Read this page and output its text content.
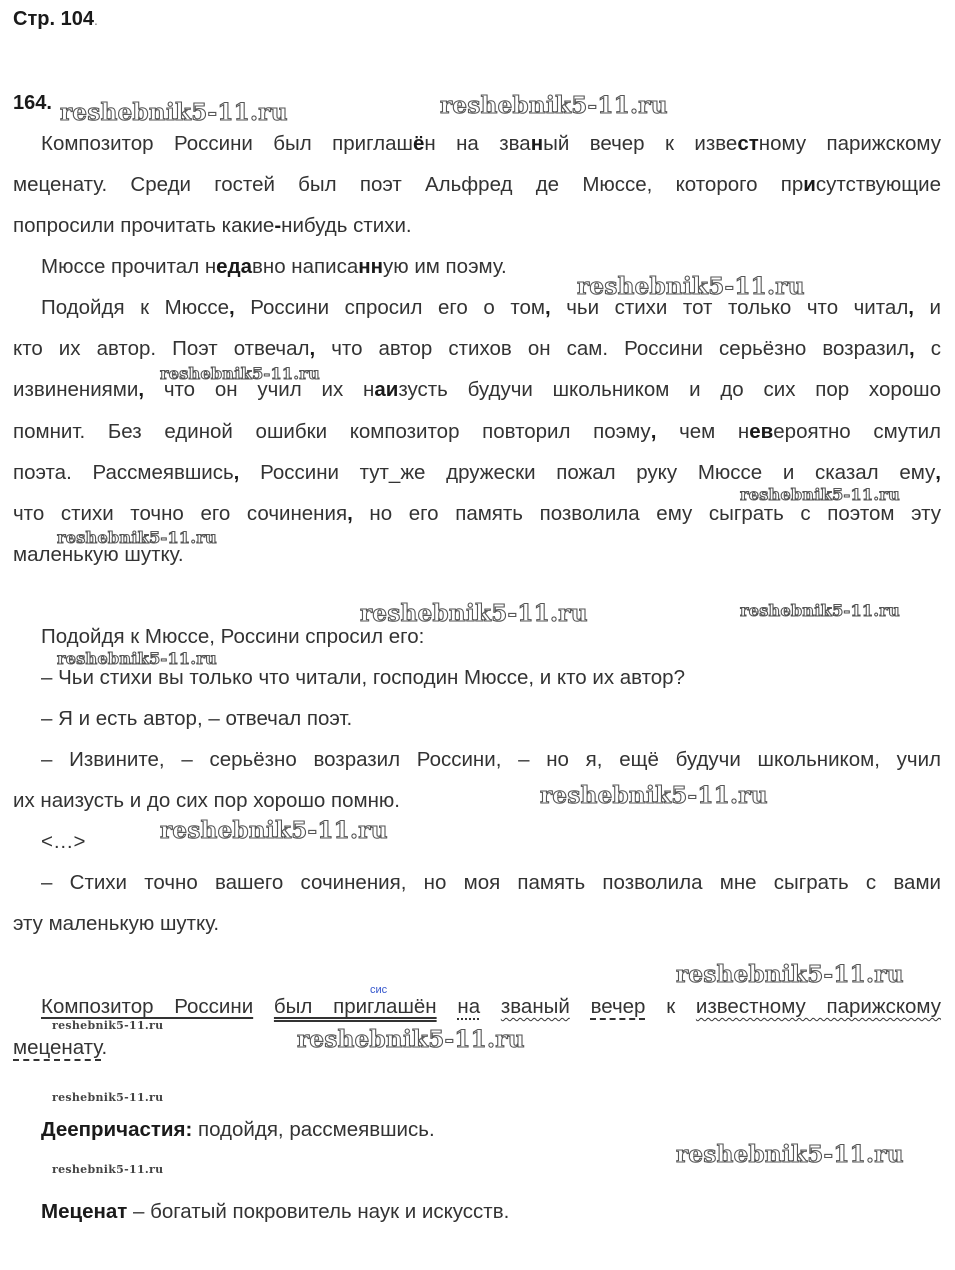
Стр. 104.
164.
Композитор Россини был приглашён на званый вечер к известному парижскому
меценату. Среди гостей был поэт Альфред де Мюссе, которого присутствующие
попросили прочитать какие-нибудь стихи.
Мюссе прочитал недавно написанную им поэму.
Подойдя к Мюссе, Россини спросил его о том, чьи стихи тот только что читал, и
кто их автор. Поэт отвечал, что автор стихов он сам. Россини серьёзно возразил, с
извинениями, что он учил их наизусть будучи школьником и до сих пор хорошо
помнит. Без единой ошибки композитор повторил поэму, чем невероятно смутил
поэта. Рассмеявшись, Россини тут_же дружески пожал руку Мюссе и сказал ему,
что стихи точно его сочинения, но его память позволила ему сыграть с поэтом эту
маленькую шутку.
Подойдя к Мюссе, Россини спросил его:
– Чьи стихи вы только что читали, господин Мюссе, и кто их автор?
– Я и есть автор, – отвечал поэт.
– Извините, – серьёзно возразил Россини, – но я, ещё будучи школьником, учил
их наизусть и до сих пор хорошо помню.
<…>
– Стихи точно вашего сочинения, но моя память позволила мне сыграть с вами
эту маленькую шутку.
сис
Композитор Россини был приглашён на званый вечер к известному парижскому
меценату.
Деепричастия: подойдя, рассмеявшись.
Меценат – богатый покровитель наук и искусств.
reshebnik5-11.ru	reshebnik5-11.ru
reshebnik5-11.ru
reshebnik5-11.ru
reshebnik5-11.ru
reshebnik5-11.ru
reshebnik5-11.ru	reshebnik5-11.ru
reshebnik5-11.ru
reshebnik5-11.ru
reshebnik5-11.ru
reshebnik5-11.ru
reshebnik5-11.ru
reshebnik5-11.ru
reshebnik5-11.ru
reshebnik5-11.ru
reshebnik5-11.ru
